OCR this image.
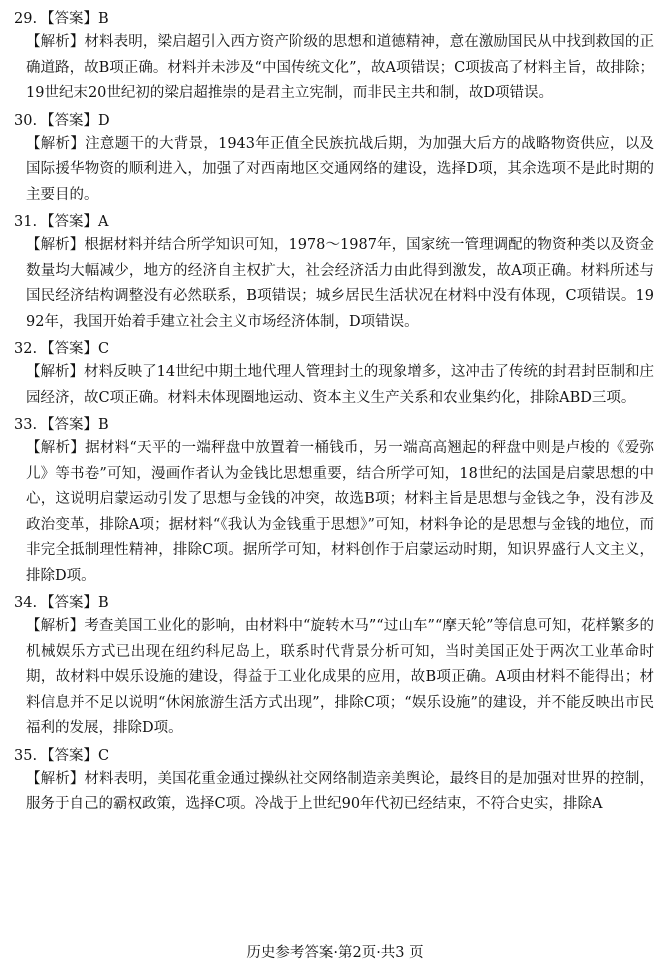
29. 【答案】B
【解析】材料表明，梁启超引入西方资产阶级的思想和道德精神，意在激励国民从中找到救国的正确道路，故B项正确。材料并未涉及“中国传统文化”，故A项错误；C项拔高了材料主旨，故排除；19世纪末20世纪初的梁启超推崇的是君主立宪制，而非民主共和制，故D项错误。
30. 【答案】D
【解析】注意题干的大背景，1943年正值全民族抗战后期，为加强大后方的战略物资供应，以及国际援华物资的顺利进入，加强了对西南地区交通网络的建设，选择D项，其余选项不是此时期的主要目的。
31. 【答案】A
【解析】根据材料并结合所学知识可知，1978～1987年，国家统一管理调配的物资种类以及资金数量均大幅减少，地方的经济自主权扩大，社会经济活力由此得到激发，故A项正确。材料所述与国民经济结构调整没有必然联系，B项错误；城乡居民生活状况在材料中没有体现，C项错误。1992年，我国开始着手建立社会主义市场经济体制，D项错误。
32. 【答案】C
【解析】材料反映了14世纪中期土地代理人管理封土的现象增多，这冲击了传统的封君封臣制和庄园经济，故C项正确。材料未体现圈地运动、资本主义生产关系和农业集约化，排除ABD三项。
33. 【答案】B
【解析】据材料“天平的一端秤盘中放置着一桶钱币，另一端高高翘起的秤盘中则是卢梭的《爱弥儿》等书卷”可知，漫画作者认为金钱比思想重要，结合所学可知，18世纪的法国是启蒙思想的中心，这说明启蒙运动引发了思想与金钱的冲突，故选B项；材料主旨是思想与金钱之争，没有涉及政治变革，排除A项；据材料“《我认为金钱重于思想》”可知，材料争论的是思想与金钱的地位，而非完全抵制理性精神，排除C项。据所学可知，材料创作于启蒙运动时期，知识界盛行人文主义，排除D项。
34. 【答案】B
【解析】考查美国工业化的影响，由材料中“旋转木马”“过山车”“摩天轮”等信息可知，花样繁多的机械娱乐方式已出现在纽约科尼岛上，联系时代背景分析可知，当时美国正处于两次工业革命时期，故材料中娱乐设施的建设，得益于工业化成果的应用，故B项正确。A项由材料不能得出；材料信息并不足以说明“休闲旅游生活方式出现”，排除C项；“娱乐设施”的建设，并不能反映出市民福利的发展，排除D项。
35. 【答案】C
【解析】材料表明，美国花重金通过操纵社交网络制造亲美舆论，最终目的是加强对世界的控制，服务于自己的霸权政策，选择C项。冷战于上世纪90年代初已经结束，不符合史实，排除A
历史参考答案·第2页·共3 页
